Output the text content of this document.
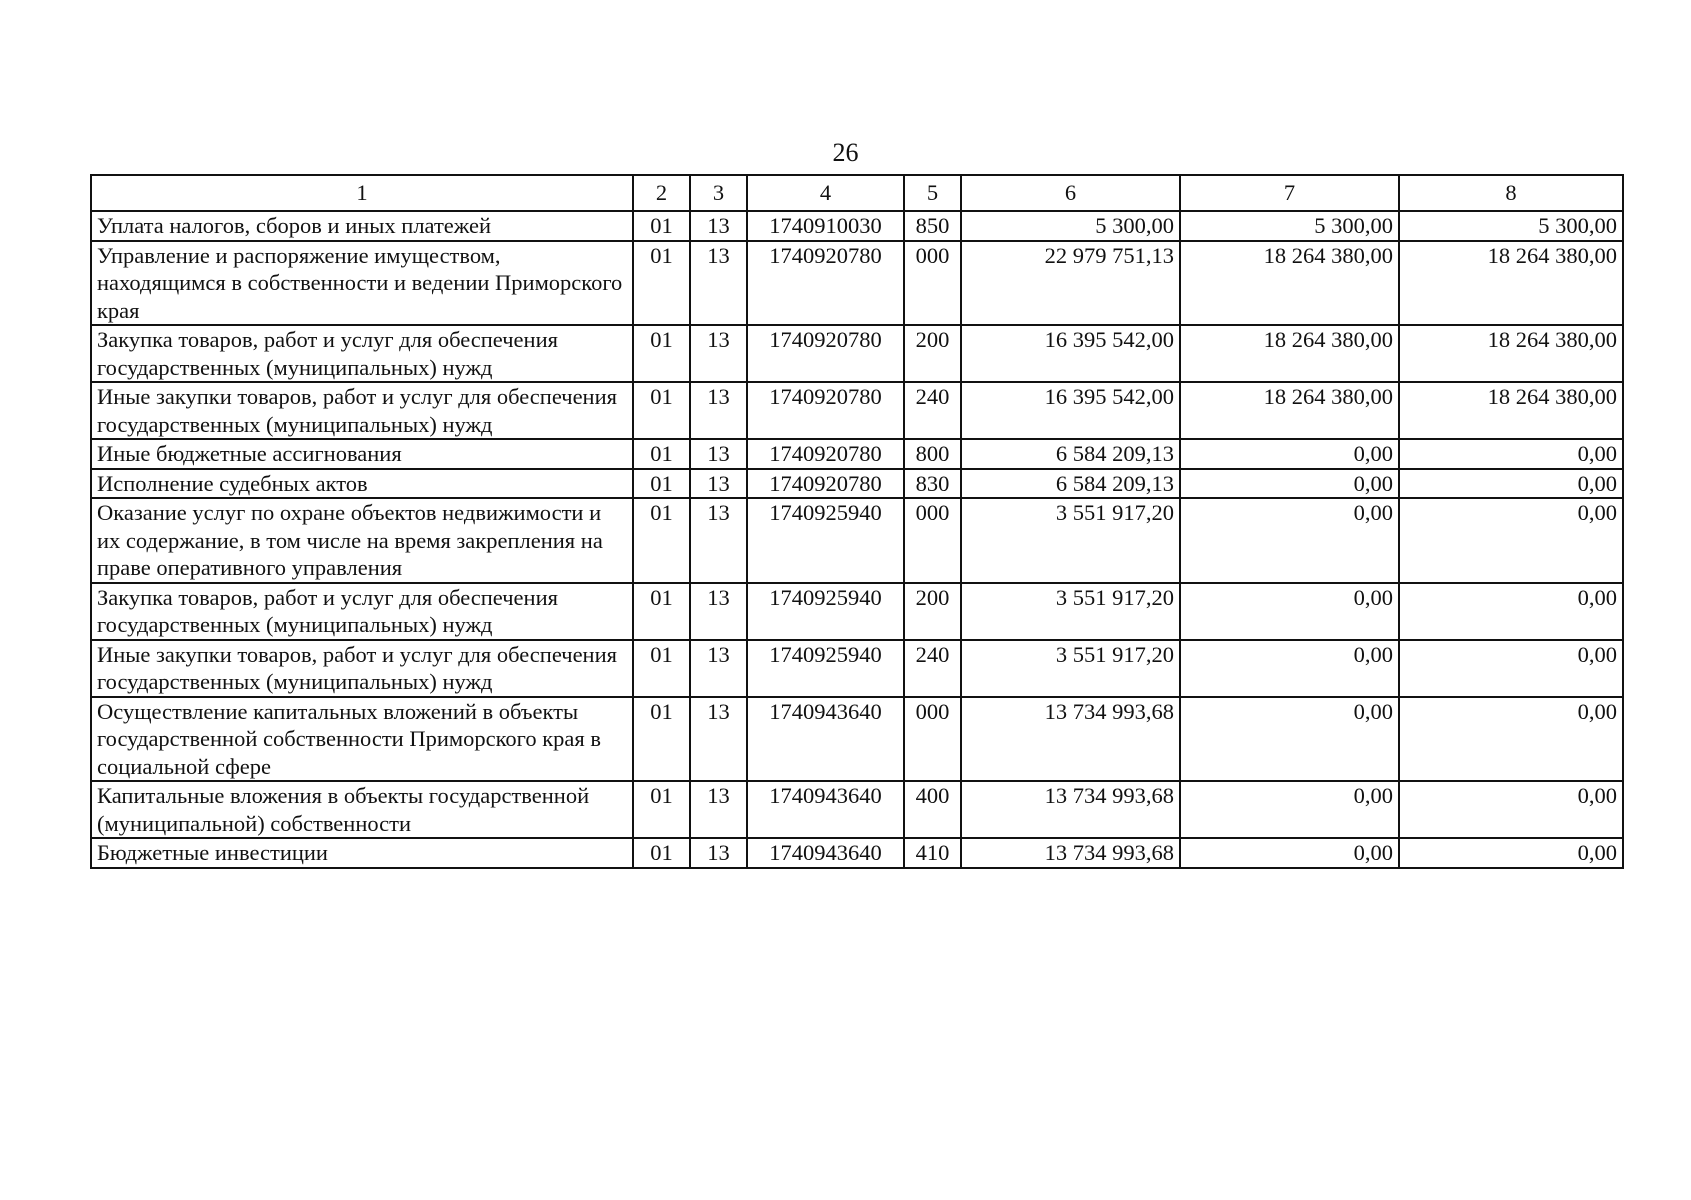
26
1	2	3	4	5	6	7	8
Уплата налогов, сборов и иных платежей	01	13	1740910030	850	5 300,00	5 300,00	5 300,00
Управление и распоряжение имуществом, находящимся в собственности и ведении Приморского края	01	13	1740920780	000	22 979 751,13	18 264 380,00	18 264 380,00
Закупка товаров, работ и услуг для обеспечения государственных (муниципальных) нужд	01	13	1740920780	200	16 395 542,00	18 264 380,00	18 264 380,00
Иные закупки товаров, работ и услуг для обеспечения государственных (муниципальных) нужд	01	13	1740920780	240	16 395 542,00	18 264 380,00	18 264 380,00
Иные бюджетные ассигнования	01	13	1740920780	800	6 584 209,13	0,00	0,00
Исполнение судебных актов	01	13	1740920780	830	6 584 209,13	0,00	0,00
Оказание услуг по охране объектов недвижимости и их содержание, в том числе на время закрепления на праве оперативного управления	01	13	1740925940	000	3 551 917,20	0,00	0,00
Закупка товаров, работ и услуг для обеспечения государственных (муниципальных) нужд	01	13	1740925940	200	3 551 917,20	0,00	0,00
Иные закупки товаров, работ и услуг для обеспечения государственных (муниципальных) нужд	01	13	1740925940	240	3 551 917,20	0,00	0,00
Осуществление капитальных вложений в объекты государственной собственности Приморского края в социальной сфере	01	13	1740943640	000	13 734 993,68	0,00	0,00
Капитальные вложения в объекты государственной (муниципальной) собственности	01	13	1740943640	400	13 734 993,68	0,00	0,00
Бюджетные инвестиции	01	13	1740943640	410	13 734 993,68	0,00	0,00
